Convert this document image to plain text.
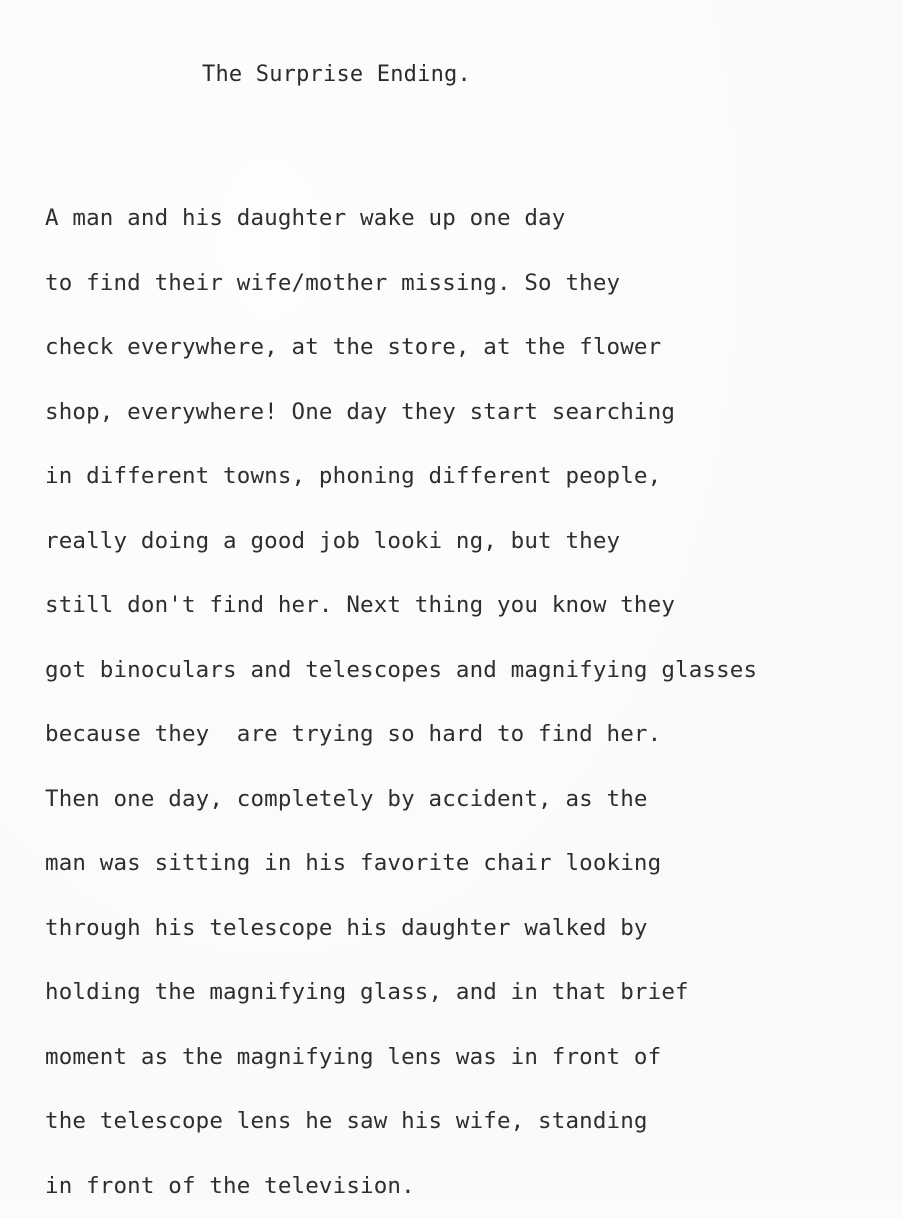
The Surprise Ending.
A man and his daughter wake up one day
to find their wife/mother missing. So they
check everywhere, at the store, at the flower
shop, everywhere! One day they start searching
in different towns, phoning different people,
really doing a good job looki ng, but they
still don't find her. Next thing you know they
got binoculars and telescopes and magnifying glasses
because they  are trying so hard to find her.
Then one day, completely by accident, as the
man was sitting in his favorite chair looking
through his telescope his daughter walked by
holding the magnifying glass, and in that brief
moment as the magnifying lens was in front of
the telescope lens he saw his wife, standing
in front of the television.
